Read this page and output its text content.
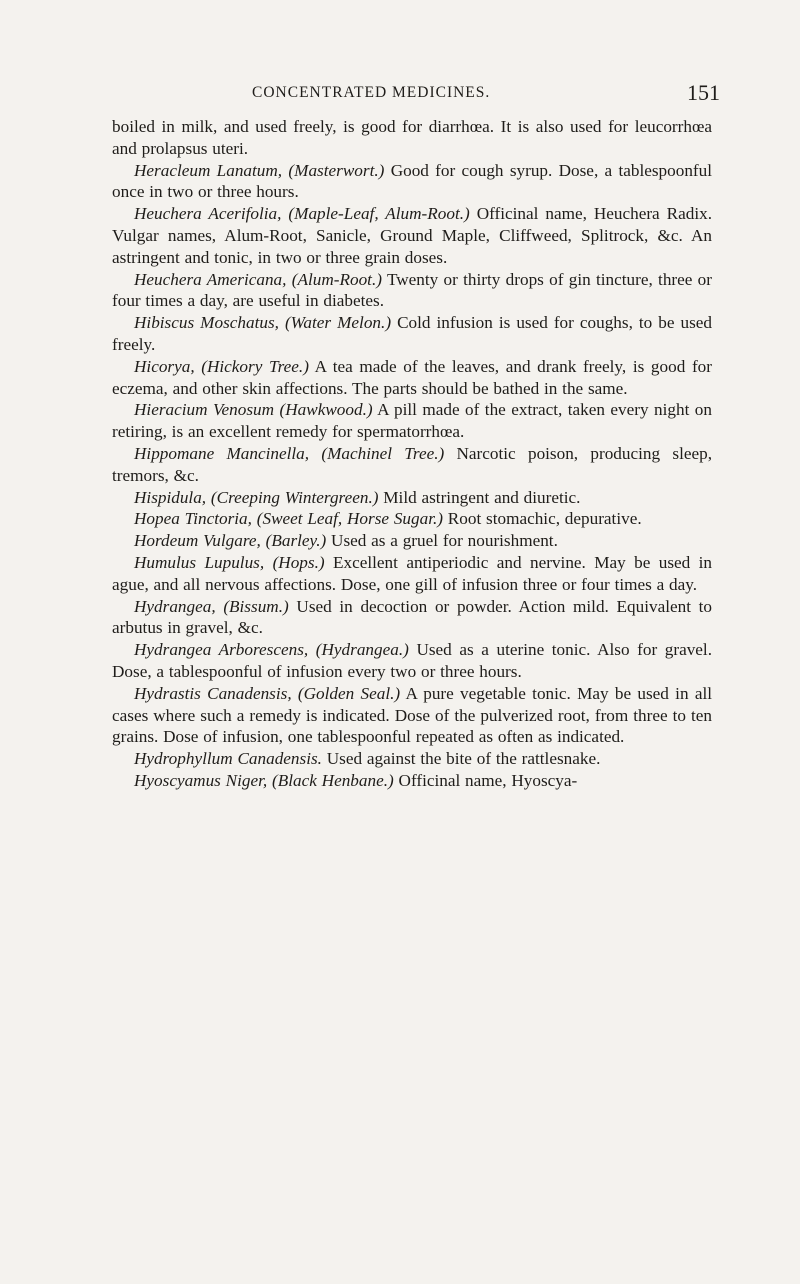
CONCENTRATED MEDICINES.	151

boiled in milk, and used freely, is good for diarrhœa. It is also used for leucorrhœa and prolapsus uteri.

Heracleum Lanatum, (Masterwort.) Good for cough syrup. Dose, a tablespoonful once in two or three hours.

Heuchera Acerifolia, (Maple-Leaf, Alum-Root.) Officinal name, Heuchera Radix. Vulgar names, Alum-Root, Sanicle, Ground Maple, Cliffweed, Splitrock, &c. An astringent and tonic, in two or three grain doses.

Heuchera Americana, (Alum-Root.) Twenty or thirty drops of gin tincture, three or four times a day, are useful in diabetes.

Hibiscus Moschatus, (Water Melon.) Cold infusion is used for coughs, to be used freely.

Hicorya, (Hickory Tree.) A tea made of the leaves, and drank freely, is good for eczema, and other skin affections. The parts should be bathed in the same.

Hieracium Venosum (Hawkwood.) A pill made of the extract, taken every night on retiring, is an excellent remedy for spermatorrhœa.

Hippomane Mancinella, (Machinel Tree.) Narcotic poison, producing sleep, tremors, &c.

Hispidula, (Creeping Wintergreen.) Mild astringent and diuretic.

Hopea Tinctoria, (Sweet Leaf, Horse Sugar.) Root stomachic, depurative.

Hordeum Vulgare, (Barley.) Used as a gruel for nourishment.

Humulus Lupulus, (Hops.) Excellent antiperiodic and nervine. May be used in ague, and all nervous affections. Dose, one gill of infusion three or four times a day.

Hydrangea, (Bissum.) Used in decoction or powder. Action mild. Equivalent to arbutus in gravel, &c.

Hydrangea Arborescens, (Hydrangea.) Used as a uterine tonic. Also for gravel. Dose, a tablespoonful of infusion every two or three hours.

Hydrastis Canadensis, (Golden Seal.) A pure vegetable tonic. May be used in all cases where such a remedy is indicated. Dose of the pulverized root, from three to ten grains. Dose of infusion, one tablespoonful repeated as often as indicated.

Hydrophyllum Canadensis. Used against the bite of the rattlesnake.

Hyoscyamus Niger, (Black Henbane.) Officinal name, Hyoscya-
